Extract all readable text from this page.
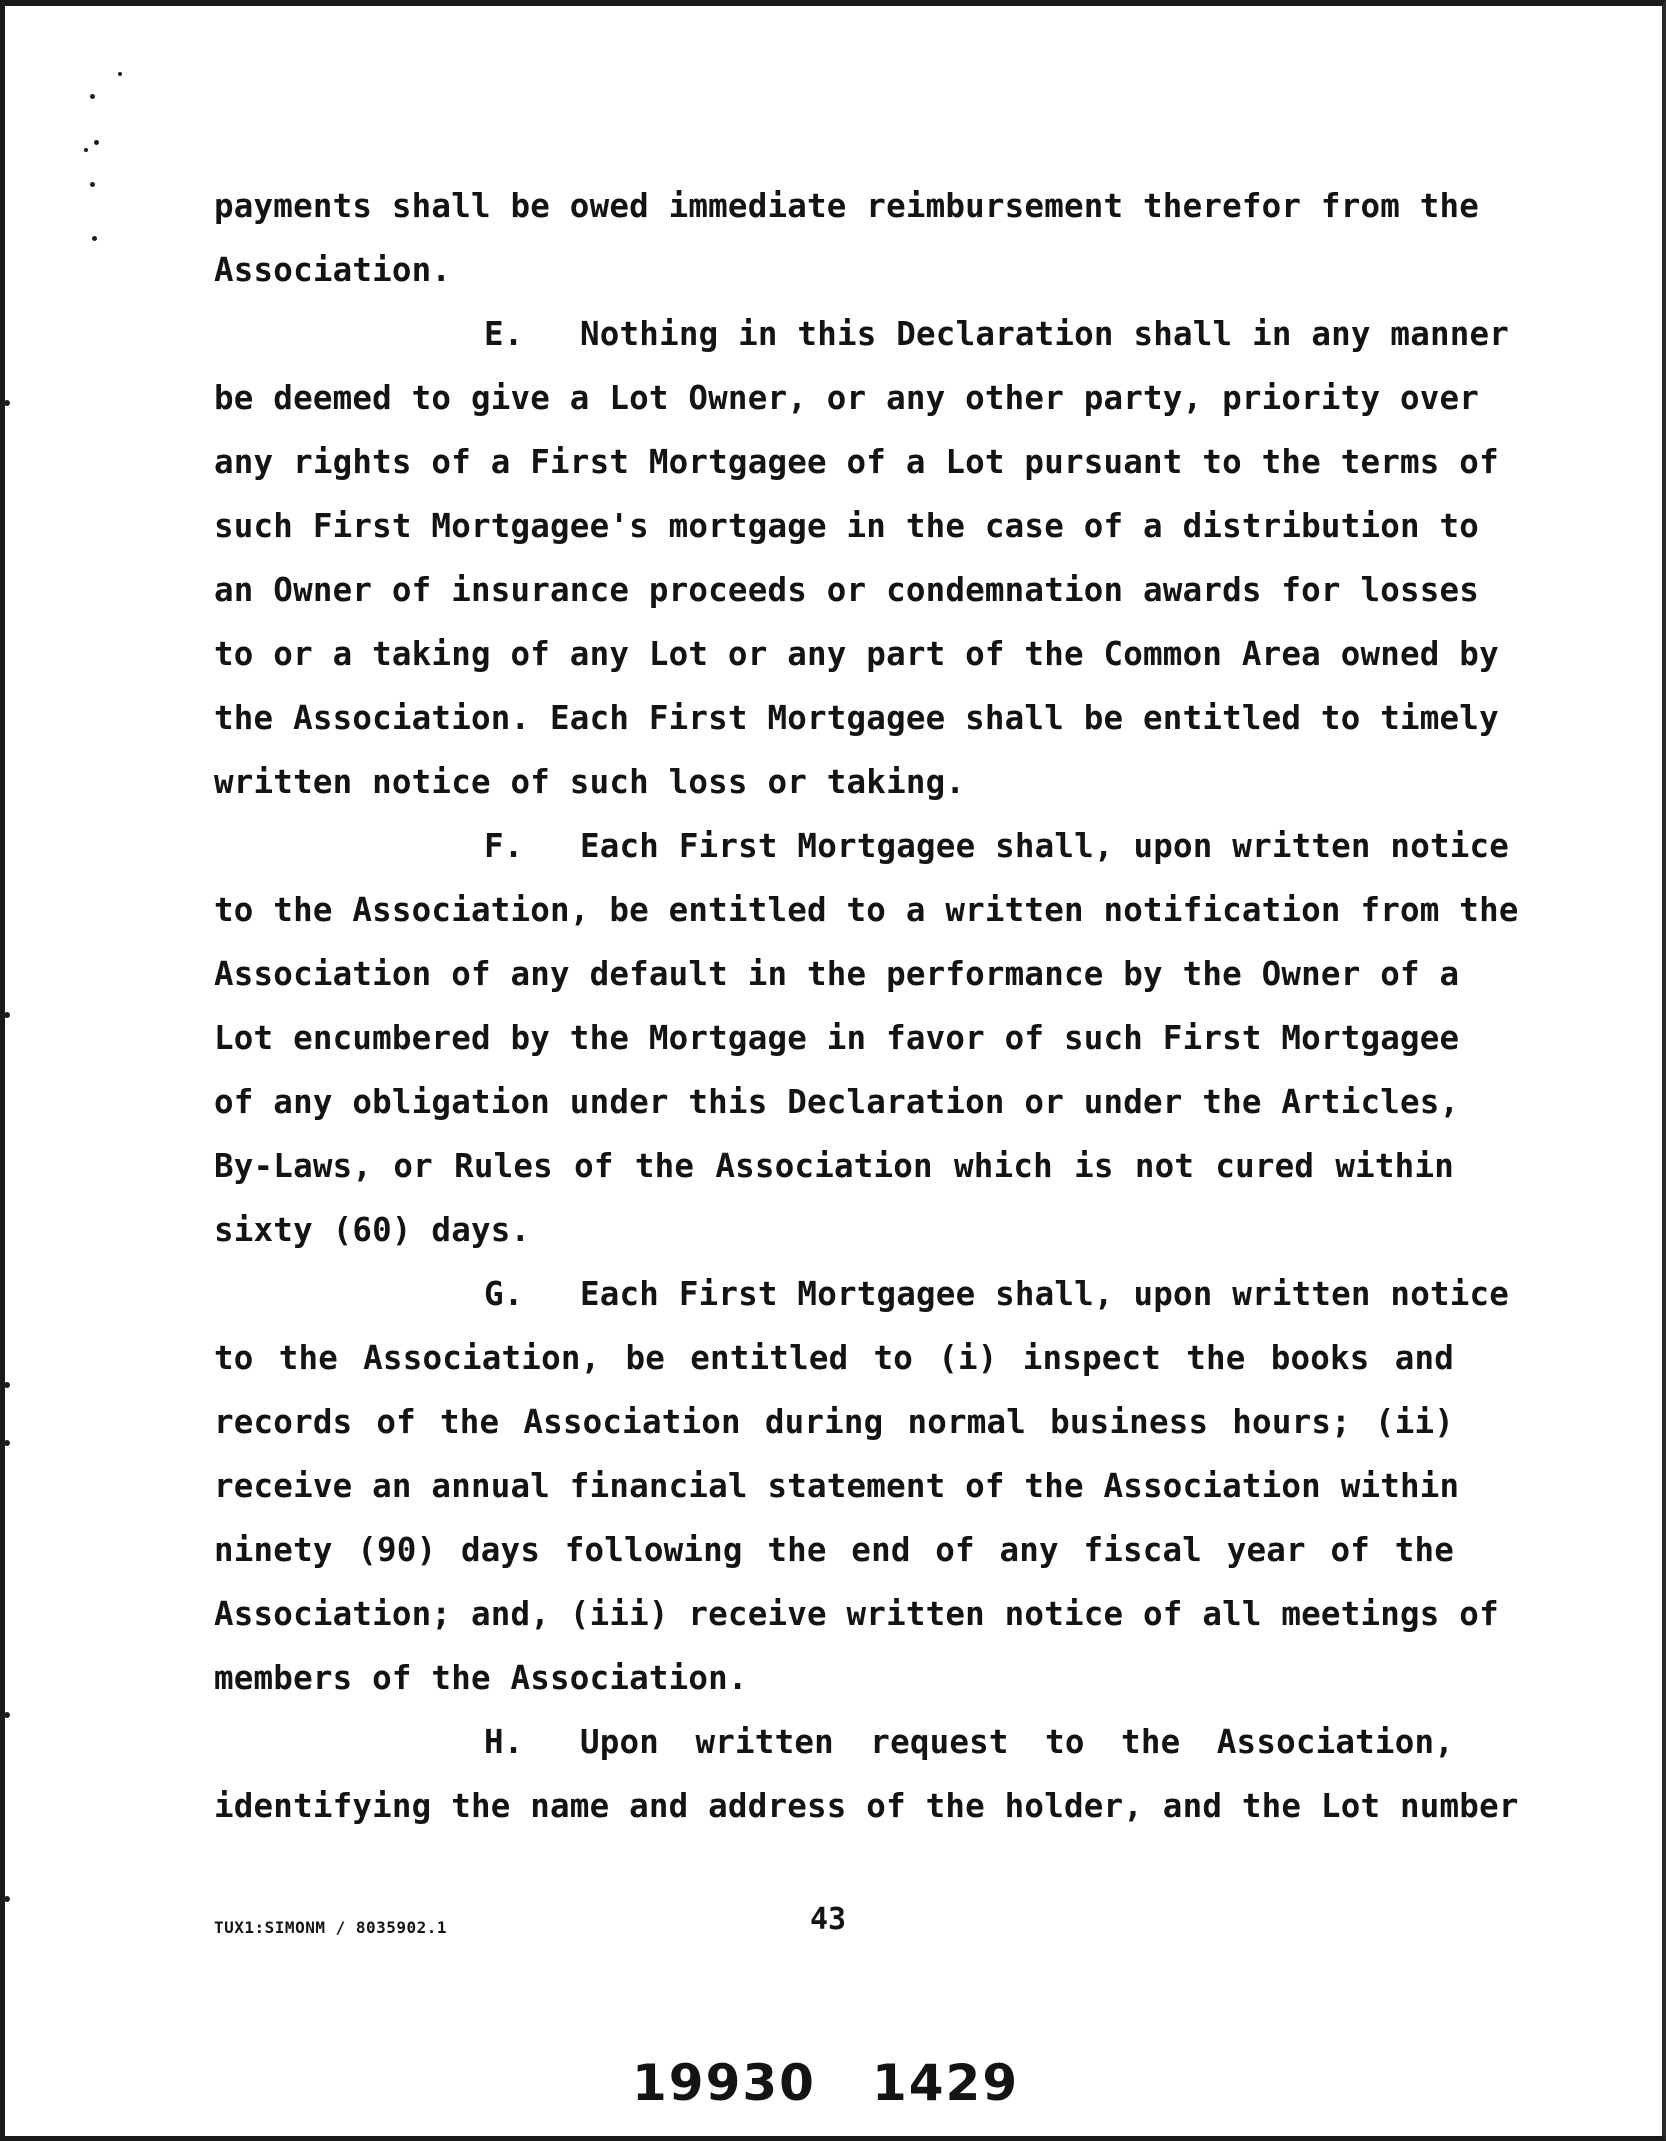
payments shall be owed immediate reimbursement therefor from the
Association.
E. Nothing in this Declaration shall in any manner
be deemed to give a Lot Owner, or any other party, priority over
any rights of a First Mortgagee of a Lot pursuant to the terms of
such First Mortgagee's mortgage in the case of a distribution to
an Owner of insurance proceeds or condemnation awards for losses
to or a taking of any Lot or any part of the Common Area owned by
the Association. Each First Mortgagee shall be entitled to timely
written notice of such loss or taking.
F. Each First Mortgagee shall, upon written notice
to the Association, be entitled to a written notification from the
Association of any default in the performance by the Owner of a
Lot encumbered by the Mortgage in favor of such First Mortgagee
of any obligation under this Declaration or under the Articles,
By-Laws, or Rules of the Association which is not cured within
sixty (60) days.
G. Each First Mortgagee shall, upon written notice
to the Association, be entitled to (i) inspect the books and
records of the Association during normal business hours; (ii)
receive an annual financial statement of the Association within
ninety (90) days following the end of any fiscal year of the
Association; and, (iii) receive written notice of all meetings of
members of the Association.
H. Upon written request to the Association,
identifying the name and address of the holder, and the Lot number
TUX1:SIMONM / 8035902.1	43
19930 1429
